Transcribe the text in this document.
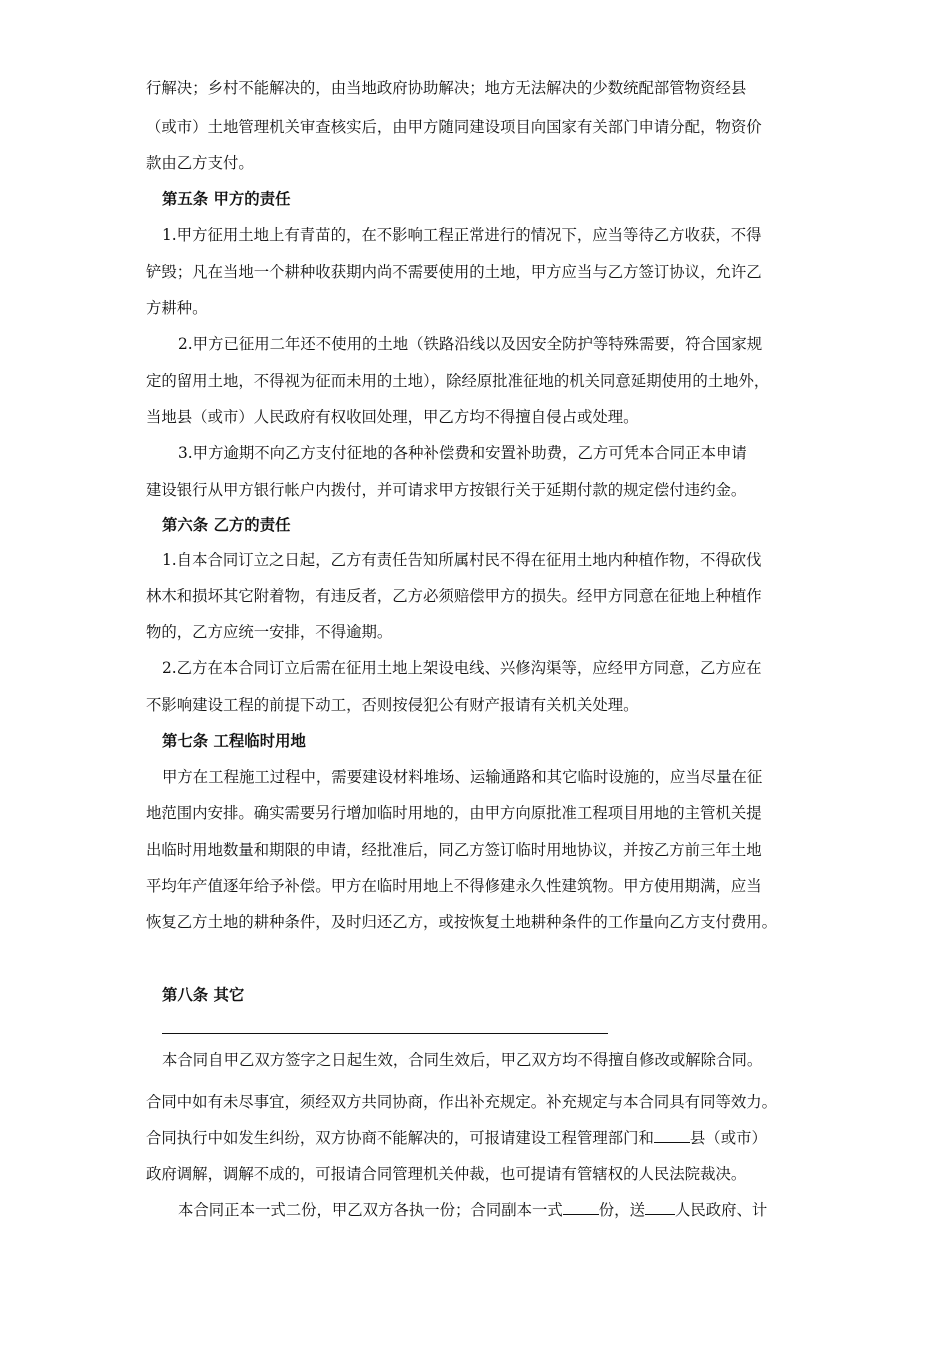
行解决；乡村不能解决的，由当地政府协助解决；地方无法解决的少数统配部管物资经县

（或市）土地管理机关审查核实后，由甲方随同建设项目向国家有关部门申请分配，物资价

款由乙方支付。

第五条 甲方的责任

1.甲方征用土地上有青苗的，在不影响工程正常进行的情况下，应当等待乙方收获，不得

铲毁；凡在当地一个耕种收获期内尚不需要使用的土地，甲方应当与乙方签订协议，允许乙

方耕种。

2.甲方已征用二年还不使用的土地（铁路沿线以及因安全防护等特殊需要，符合国家规

定的留用土地，不得视为征而未用的土地），除经原批准征地的机关同意延期使用的土地外，

当地县（或市）人民政府有权收回处理，甲乙方均不得擅自侵占或处理。

3.甲方逾期不向乙方支付征地的各种补偿费和安置补助费，乙方可凭本合同正本申请

建设银行从甲方银行帐户内拨付，并可请求甲方按银行关于延期付款的规定偿付违约金。

第六条 乙方的责任

1.自本合同订立之日起，乙方有责任告知所属村民不得在征用土地内种植作物，不得砍伐

林木和损坏其它附着物，有违反者，乙方必须赔偿甲方的损失。经甲方同意在征地上种植作

物的，乙方应统一安排，不得逾期。

2.乙方在本合同订立后需在征用土地上架设电线、兴修沟渠等，应经甲方同意，乙方应在

不影响建设工程的前提下动工，否则按侵犯公有财产报请有关机关处理。

第七条 工程临时用地

甲方在工程施工过程中，需要建设材料堆场、运输通路和其它临时设施的，应当尽量在征

地范围内安排。确实需要另行增加临时用地的，由甲方向原批准工程项目用地的主管机关提

出临时用地数量和期限的申请，经批准后，同乙方签订临时用地协议，并按乙方前三年土地

平均年产值逐年给予补偿。甲方在临时用地上不得修建永久性建筑物。甲方使用期满，应当

恢复乙方土地的耕种条件，及时归还乙方，或按恢复土地耕种条件的工作量向乙方支付费用。

第八条 其它

本合同自甲乙双方签字之日起生效，合同生效后，甲乙双方均不得擅自修改或解除合同。

合同中如有未尽事宜，须经双方共同协商，作出补充规定。补充规定与本合同具有同等效力。

合同执行中如发生纠纷，双方协商不能解决的，可报请建设工程管理部门和 县（或市）

政府调解，调解不成的，可报请合同管理机关仲裁，也可提请有管辖权的人民法院裁决。

本合同正本一式二份，甲乙双方各执一份；合同副本一式 份，送 人民政府、计
